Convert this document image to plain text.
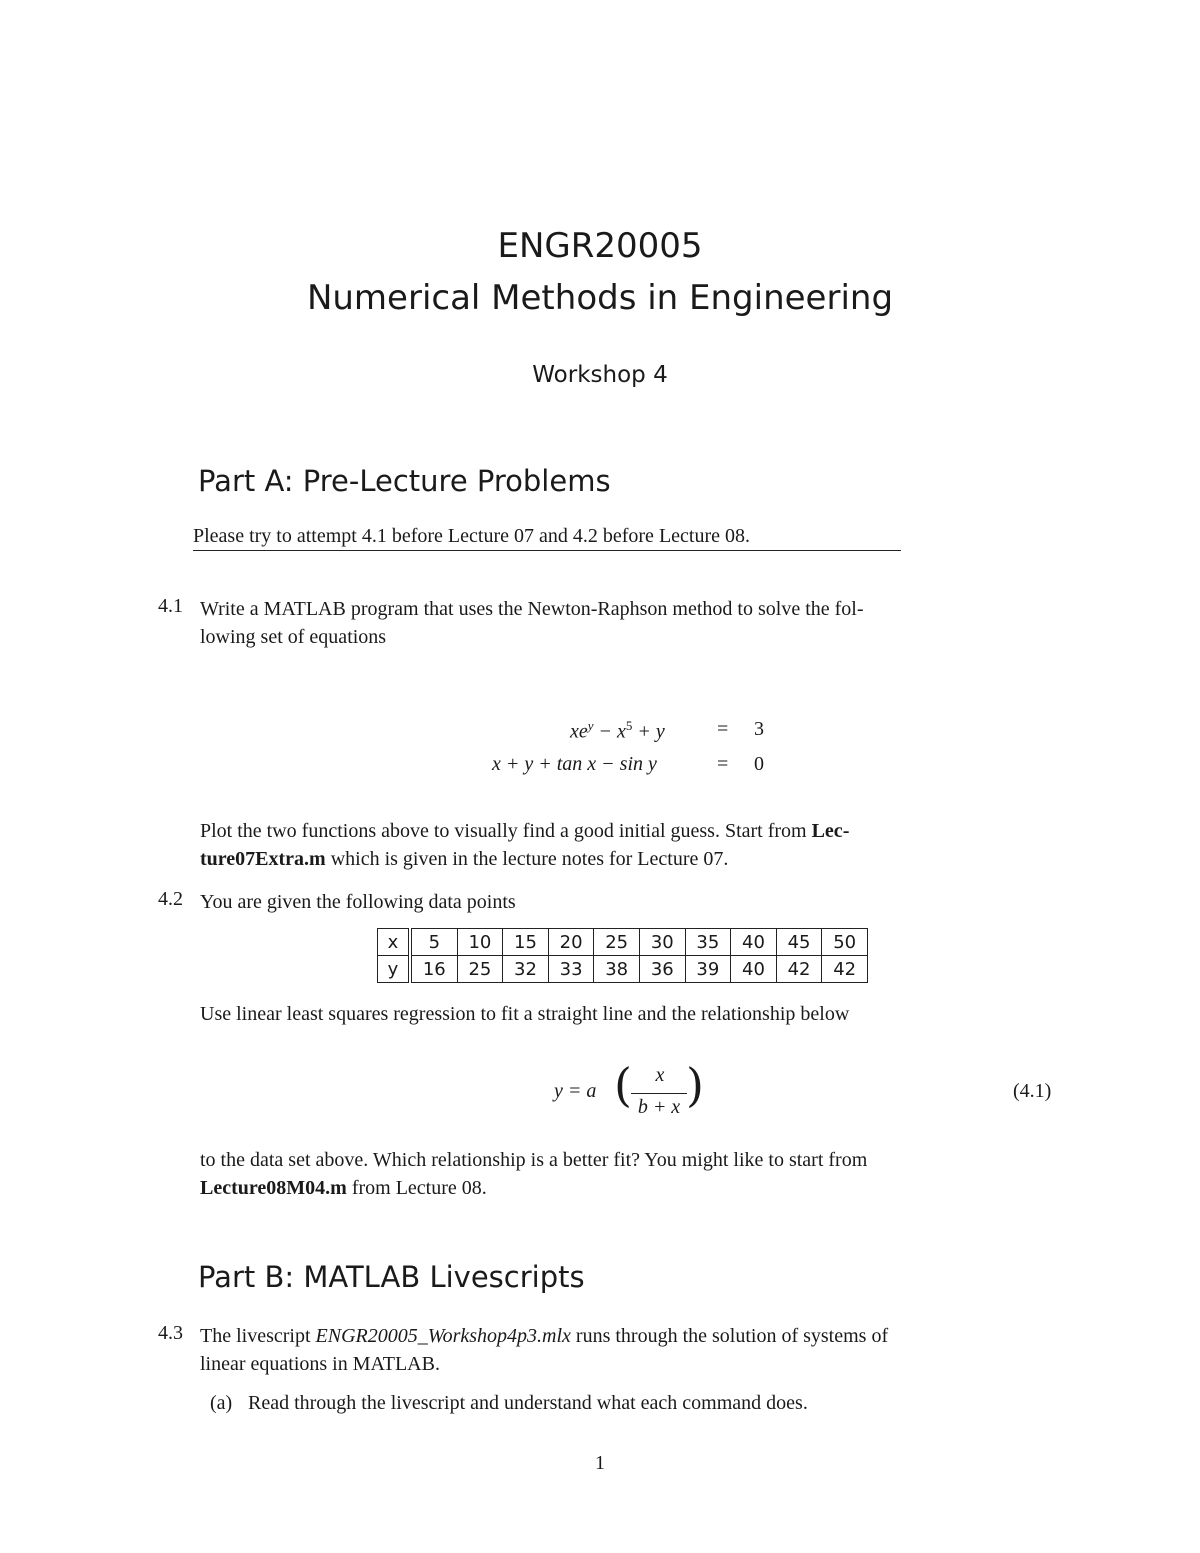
ENGR20005
Numerical Methods in Engineering
Workshop 4
Part A: Pre-Lecture Problems
Please try to attempt 4.1 before Lecture 07 and 4.2 before Lecture 08.
4.1 Write a MATLAB program that uses the Newton-Raphson method to solve the fol-
lowing set of equations
$xe^y - x^5 + y$	= 3
x + y + tan x − sin y	= 0
Plot the two functions above to visually find a good initial guess. Start from Lec-
ture07Extra.m which is given in the lecture notes for Lecture 07.
4.2 You are given the following data points
x	5	10	15	20	25	30	35	40	45	50
y	16	25	32	33	38	36	39	40	42	42
Use linear least squares regression to fit a straight line and the relationship below
y = a (	x
b + x )	(4.1)
to the data set above. Which relationship is a better fit? You might like to start from
Lecture08M04.m from Lecture 08.
Part B: MATLAB Livescripts
4.3 The livescript ENGR20005_Workshop4p3.mlx runs through the solution of systems of
linear equations in MATLAB.
(a) Read through the livescript and understand what each command does.
1
